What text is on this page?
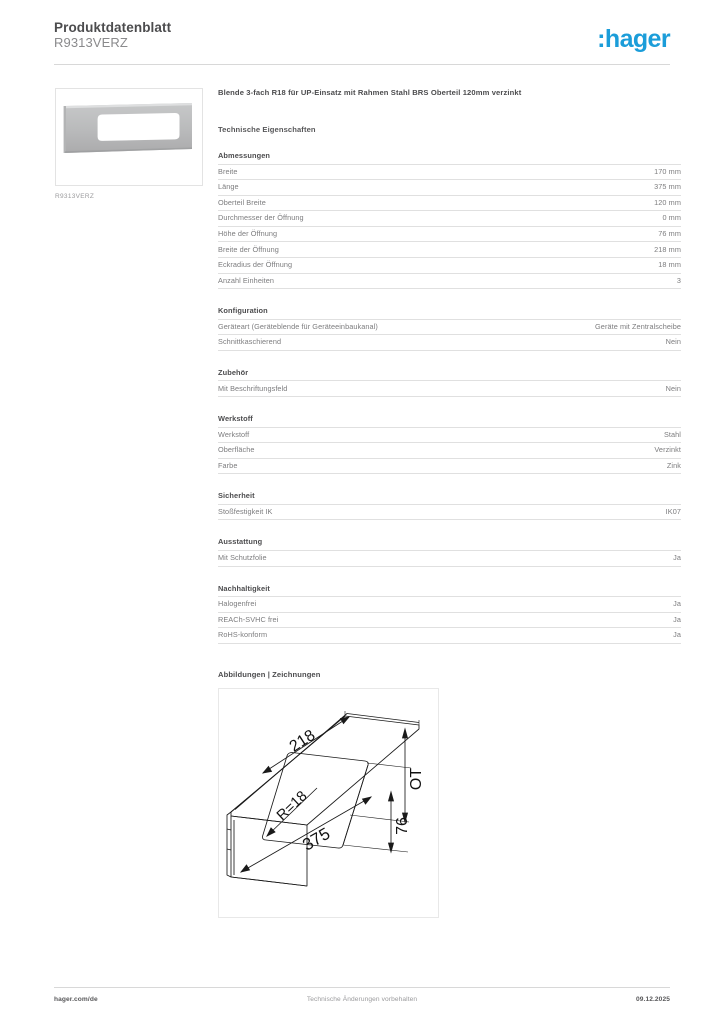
Produktdatenblatt
R9313VERZ	:hager
R9313VERZ
Blende 3-fach R18 für UP-Einsatz mit Rahmen Stahl BRS Oberteil 120mm verzinkt
Technische Eigenschaften
Abmessungen
Breite	170 mm
Länge	375 mm
Oberteil Breite	120 mm
Durchmesser der Öffnung	0 mm
Höhe der Öffnung	76 mm
Breite der Öffnung	218 mm
Eckradius der Öffnung	18 mm
Anzahl Einheiten	3
Konfiguration
Geräteart (Geräteblende für Geräteeinbaukanal)	Geräte mit Zentralscheibe
Schnittkaschierend	Nein
Zubehör
Mit Beschriftungsfeld	Nein
Werkstoff
Werkstoff	Stahl
Oberfläche	Verzinkt
Farbe	Zink
Sicherheit
Stoßfestigkeit IK	IK07
Ausstattung
Mit Schutzfolie	Ja
Nachhaltigkeit
Halogenfrei	Ja
REACh-SVHC frei	Ja
RoHS-konform	Ja
Abbildungen | Zeichnungen
218
R=18
375
OT
76
hager.com/de	Technische Änderungen vorbehalten	09.12.2025
